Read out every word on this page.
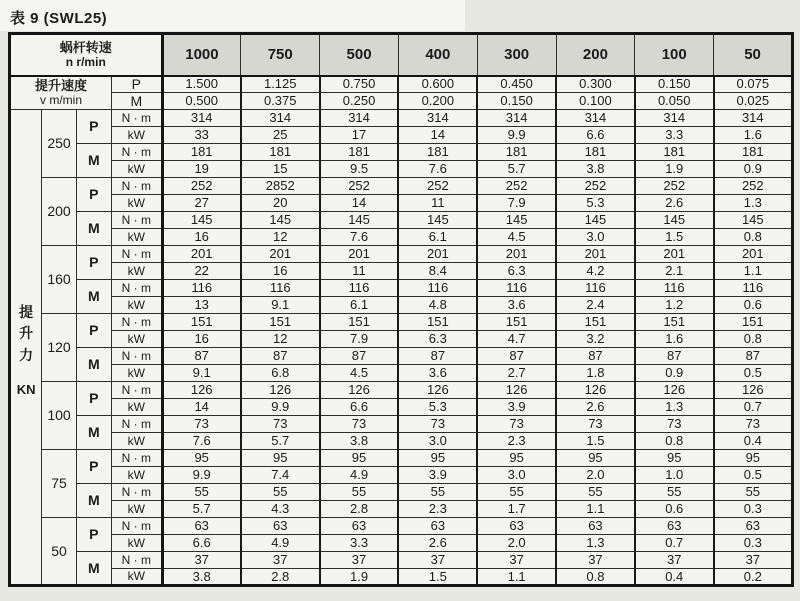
表 9 (SWL25)
蜗杆转速
n r/min				1000	750	500	400	300	200	100	50

提升速度
v m/min			P	1.500	1.125	0.750	0.600	0.450	0.300	0.150	0.075
			M	0.500	0.375	0.250	0.200	0.150	0.100	0.050	0.025

提
升
力
KN	250	P	N · m	314	314	314	314	314	314	314	314
			kW	33	25	17	14	9.9	6.6	3.3	1.6
		M	N · m	181	181	181	181	181	181	181	181
			kW	19	15	9.5	7.6	5.7	3.8	1.9	0.9
	200	P	N · m	252	2852	252	252	252	252	252	252
			kW	27	20	14	11	7.9	5.3	2.6	1.3
		M	N · m	145	145	145	145	145	145	145	145
			kW	16	12	7.6	6.1	4.5	3.0	1.5	0.8
	160	P	N · m	201	201	201	201	201	201	201	201
			kW	22	16	11	8.4	6.3	4.2	2.1	1.1
		M	N · m	116	116	116	116	116	116	116	116
			kW	13	9.1	6.1	4.8	3.6	2.4	1.2	0.6
	120	P	N · m	151	151	151	151	151	151	151	151
			kW	16	12	7.9	6.3	4.7	3.2	1.6	0.8
		M	N · m	87	87	87	87	87	87	87	87
			kW	9.1	6.8	4.5	3.6	2.7	1.8	0.9	0.5
	100	P	N · m	126	126	126	126	126	126	126	126
			kW	14	9.9	6.6	5.3	3.9	2.6	1.3	0.7
		M	N · m	73	73	73	73	73	73	73	73
			kW	7.6	5.7	3.8	3.0	2.3	1.5	0.8	0.4
	75	P	N · m	95	95	95	95	95	95	95	95
			kW	9.9	7.4	4.9	3.9	3.0	2.0	1.0	0.5
		M	N · m	55	55	55	55	55	55	55	55
			kW	5.7	4.3	2.8	2.3	1.7	1.1	0.6	0.3
	50	P	N · m	63	63	63	63	63	63	63	63
			kW	6.6	4.9	3.3	2.6	2.0	1.3	0.7	0.3
		M	N · m	37	37	37	37	37	37	37	37
			kW	3.8	2.8	1.9	1.5	1.1	0.8	0.4	0.2
